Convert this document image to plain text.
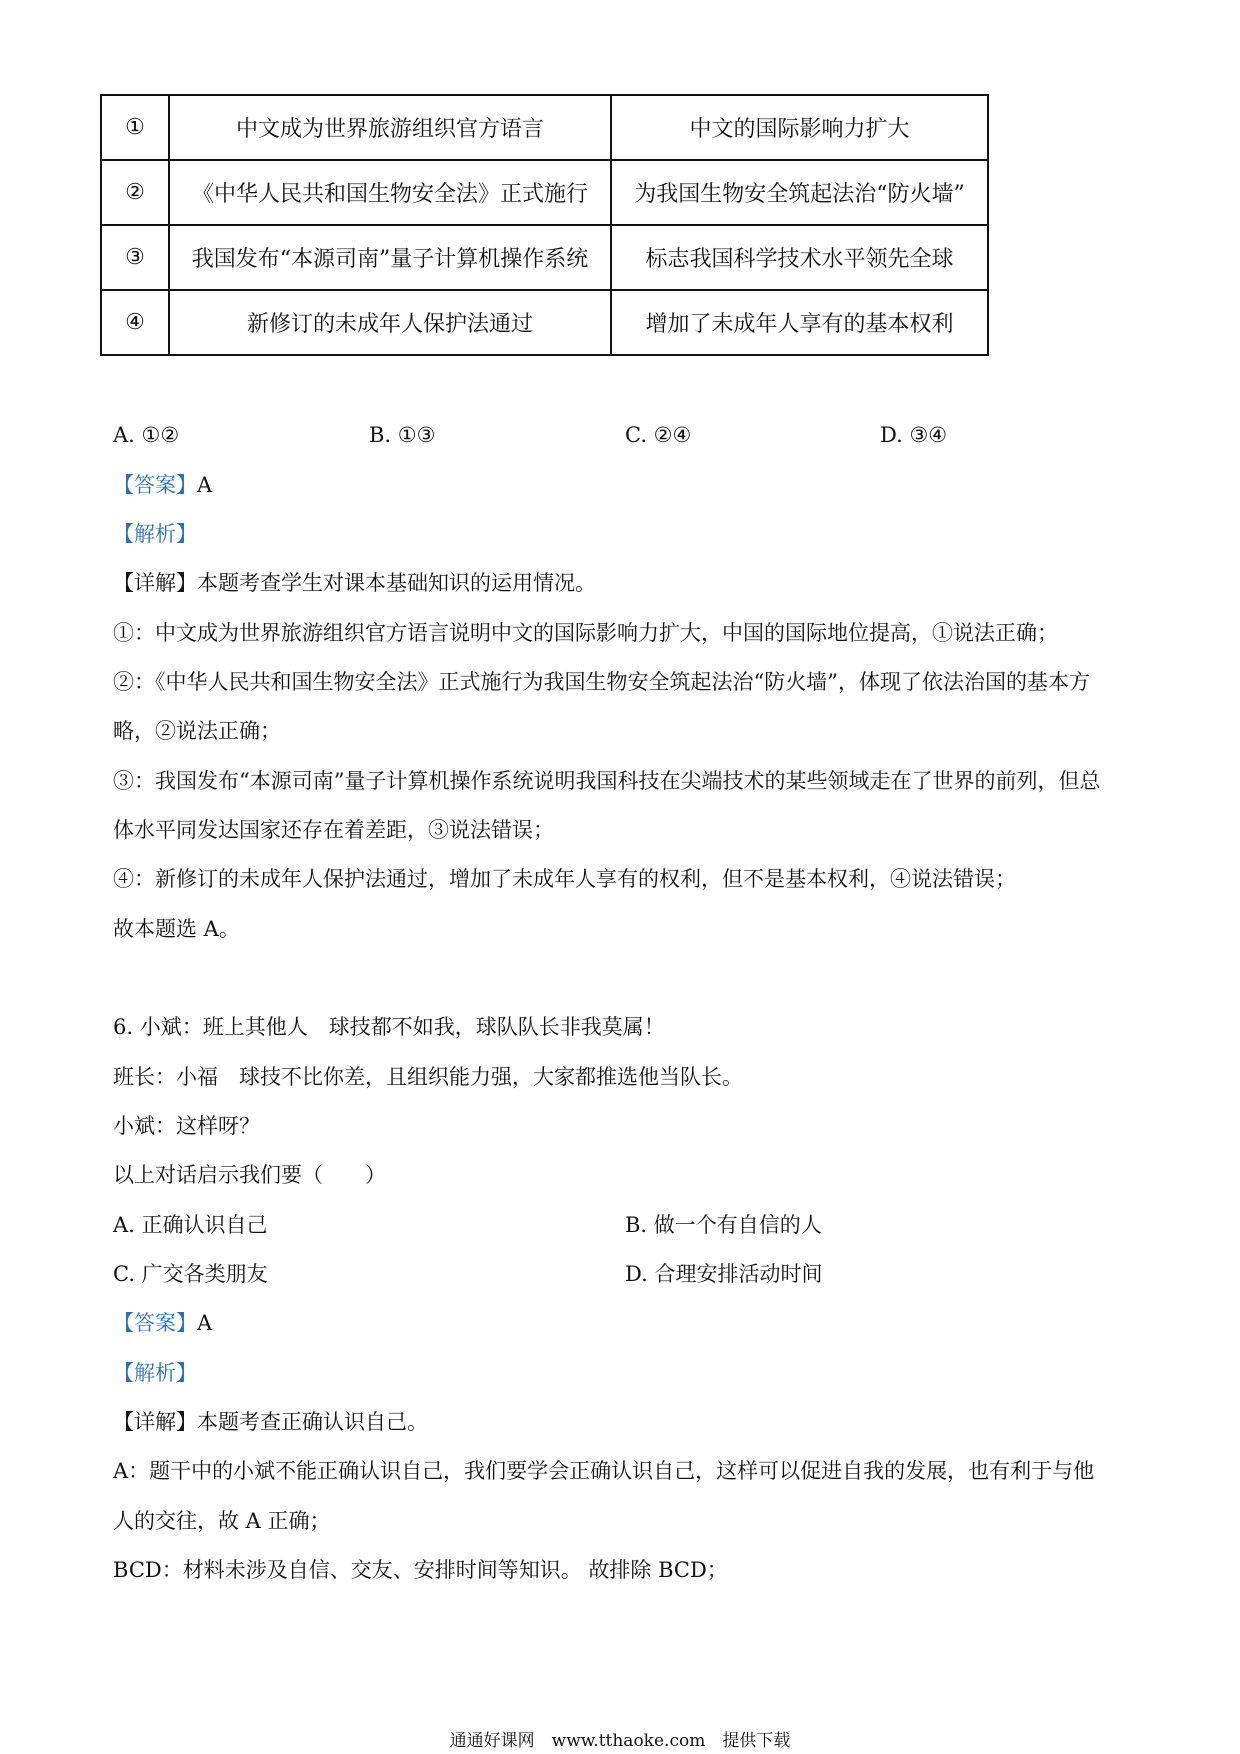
①	中文成为世界旅游组织官方语言	中文的国际影响力扩大
②	《中华人民共和国生物安全法》正式施行	为我国生物安全筑起法治“防火墙”
③	我国发布“本源司南”量子计算机操作系统	标志我国科学技术水平领先全球
④	新修订的未成年人保护法通过	增加了未成年人享有的基本权利
A. ①②	B. ①③	C. ②④	D. ③④
【答案】A
【解析】
【详解】本题考查学生对课本基础知识的运用情况。
①：中文成为世界旅游组织官方语言说明中文的国际影响力扩大，中国的国际地位提高，①说法正确；
②：《中华人民共和国生物安全法》正式施行为我国生物安全筑起法治“防火墙”，体现了依法治国的基本方
略，②说法正确；
③：我国发布“本源司南”量子计算机操作系统说明我国科技在尖端技术的某些领域走在了世界的前列，但总
体水平同发达国家还存在着差距，③说法错误；
④：新修订的未成年人保护法通过，增加了未成年人享有的权利，但不是基本权利，④说法错误；
故本题选 A。
6. 小斌：班上其他人　球技都不如我，球队队长非我莫属！
班长：小福　球技不比你差，且组织能力强，大家都推选他当队长。
小斌：这样呀？
以上对话启示我们要（　　）
A. 正确认识自己	B. 做一个有自信的人
C. 广交各类朋友	D. 合理安排活动时间
【答案】A
【解析】
【详解】本题考查正确认识自己。
A：题干中的小斌不能正确认识自己，我们要学会正确认识自己，这样可以促进自我的发展，也有利于与他
人的交往，故 A 正确；
BCD：材料未涉及自信、交友、安排时间等知识。 故排除 BCD；
通通好课网　www.tthaoke.com　提供下载
